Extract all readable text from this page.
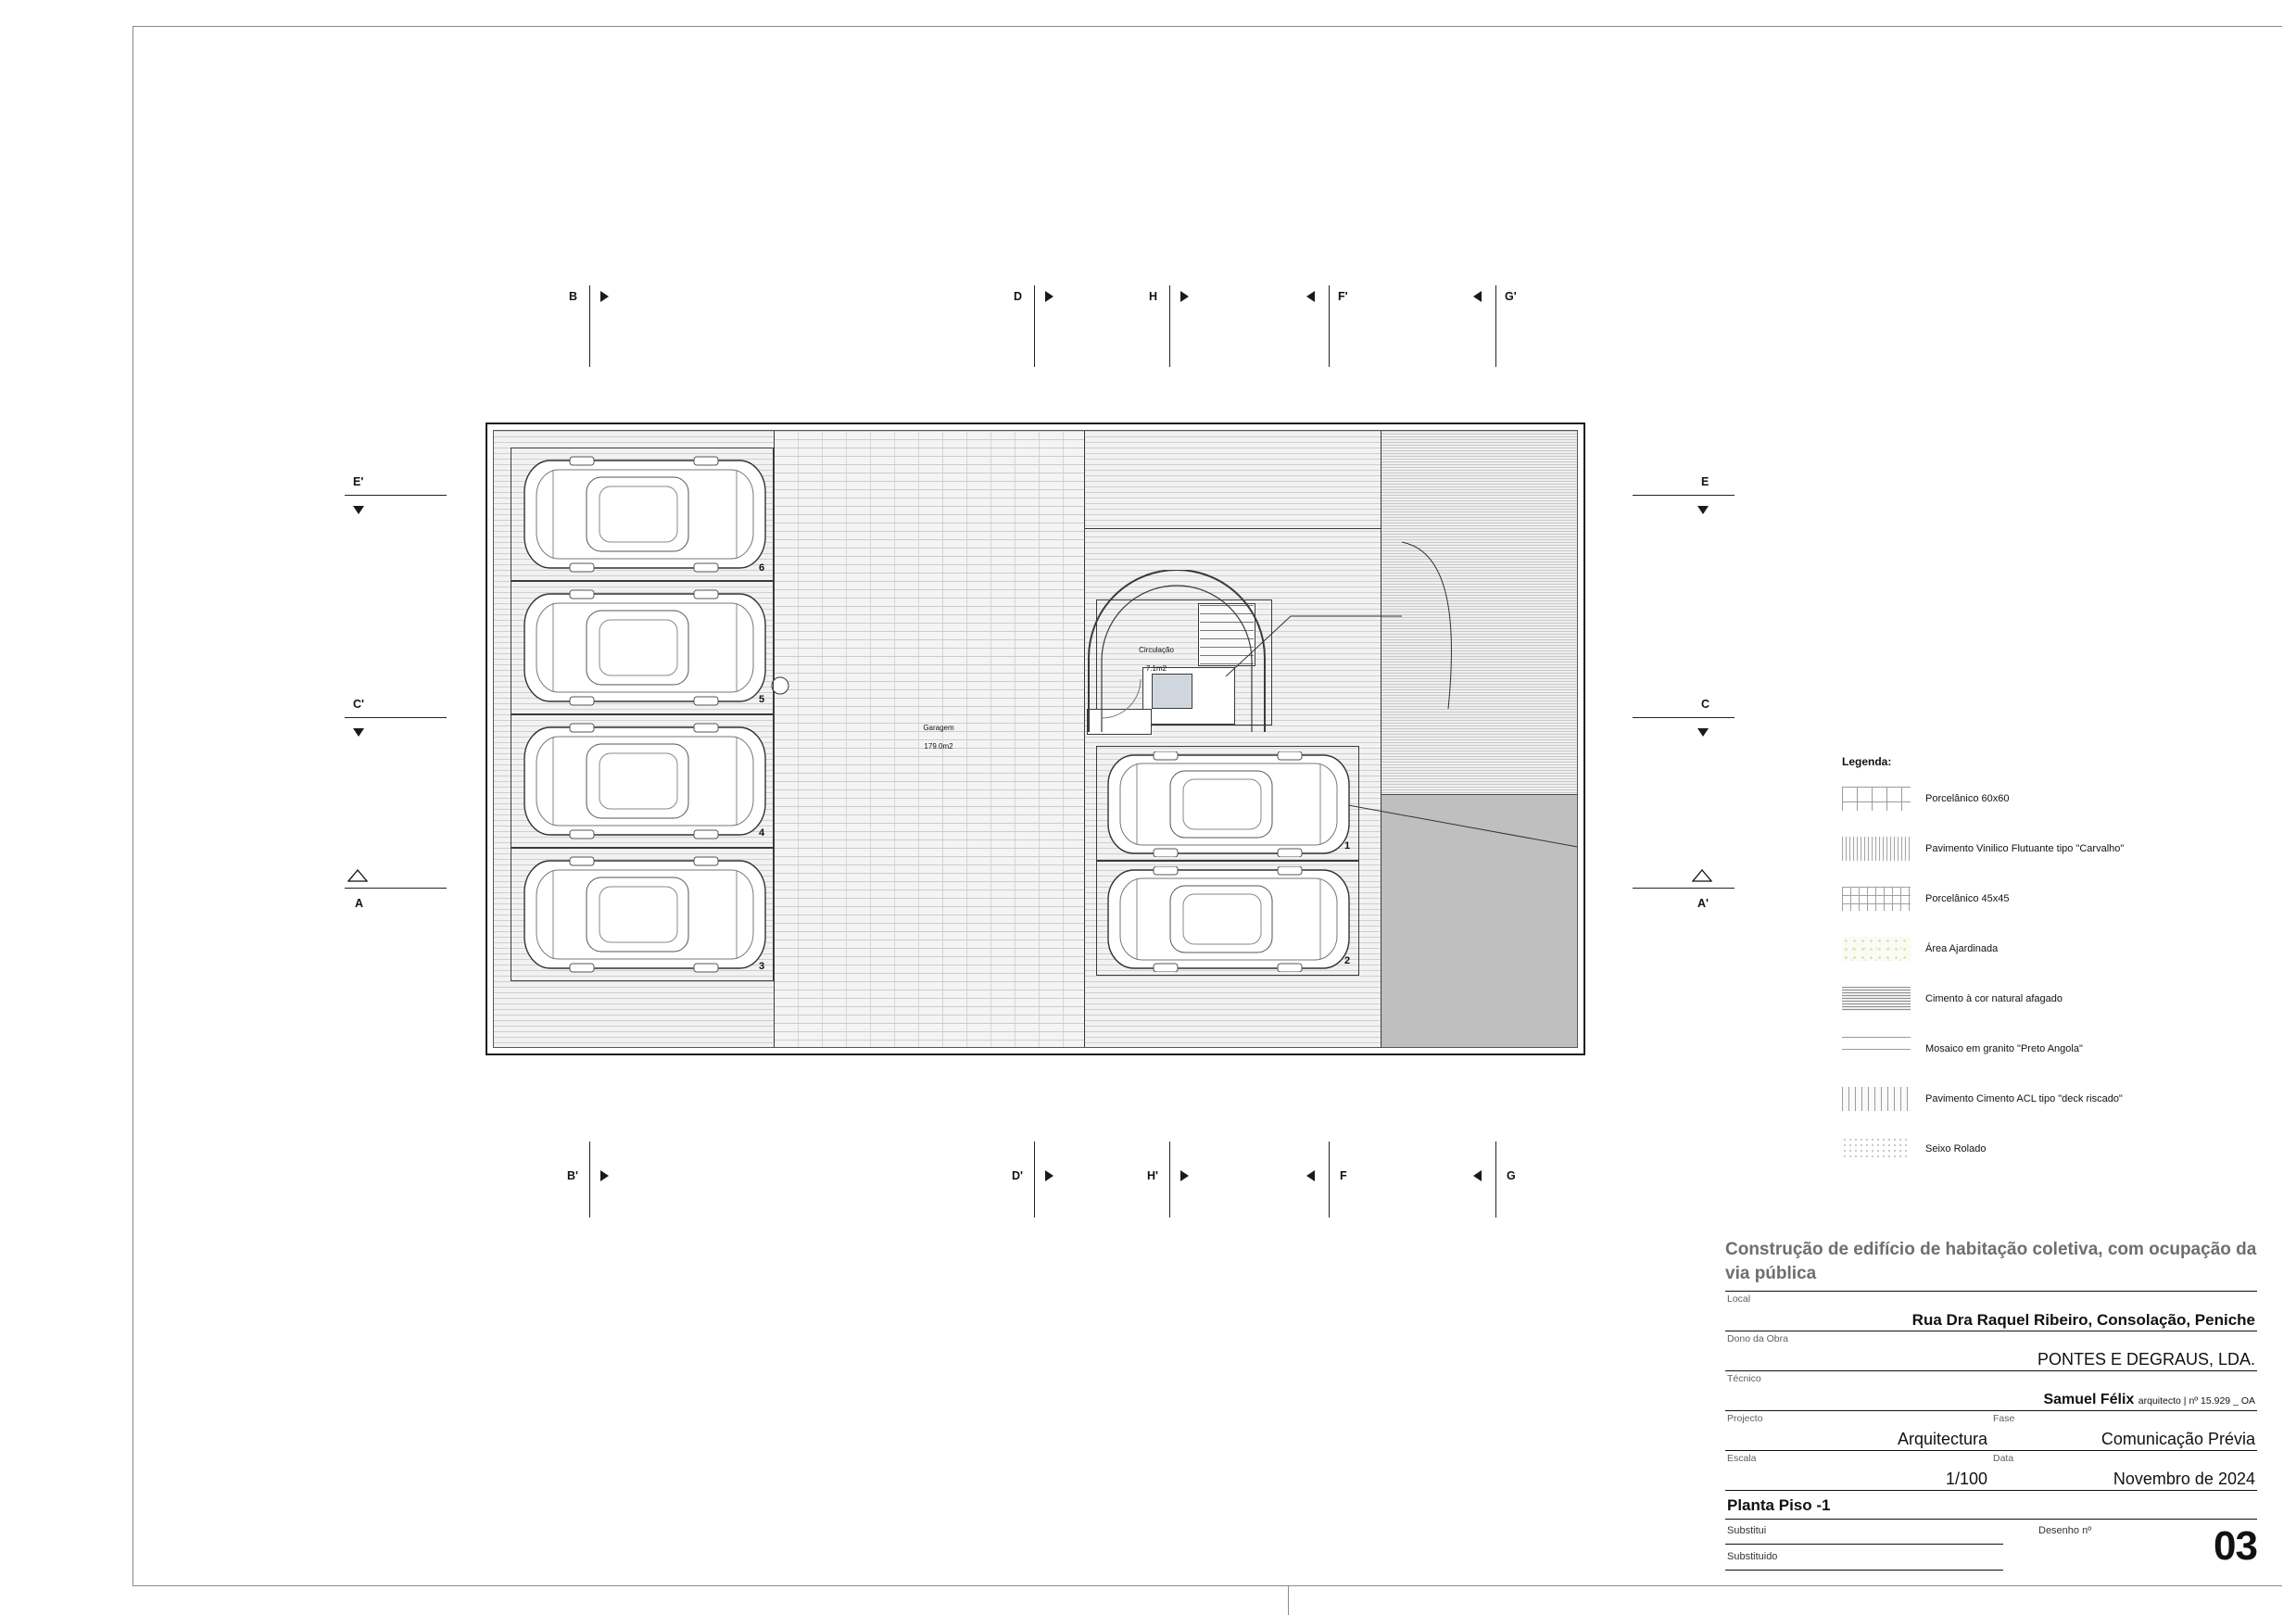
6
5
4
3
1
2

Garagem

179.0m2

Circulação

7.1m2

B	D	H	F'	G'
B'	D'	H'	F	G
E'
C'
A
E
C
A'
Legenda:
Porcelânico 60x60
Pavimento Vinilico Flutuante tipo "Carvalho"
Porcelânico 45x45
Área Ajardinada
Cimento à cor natural afagado
Mosaico em granito "Preto Angola"
Pavimento Cimento ACL tipo "deck riscado"
Seixo Rolado
Construção de edifício de habitação coletiva, com ocupação da via pública
Local
Rua Dra Raquel Ribeiro, Consolação, Peniche
Dono da Obra
PONTES E DEGRAUS, LDA.
Técnico
Samuel Félix arquitecto | nº 15.929 _ OA
Projecto
Arquitectura
Fase
Comunicação Prévia
Escala
1/100
Data
Novembro de 2024
Planta Piso -1
Substitui
Substituido
Desenho nº	03
